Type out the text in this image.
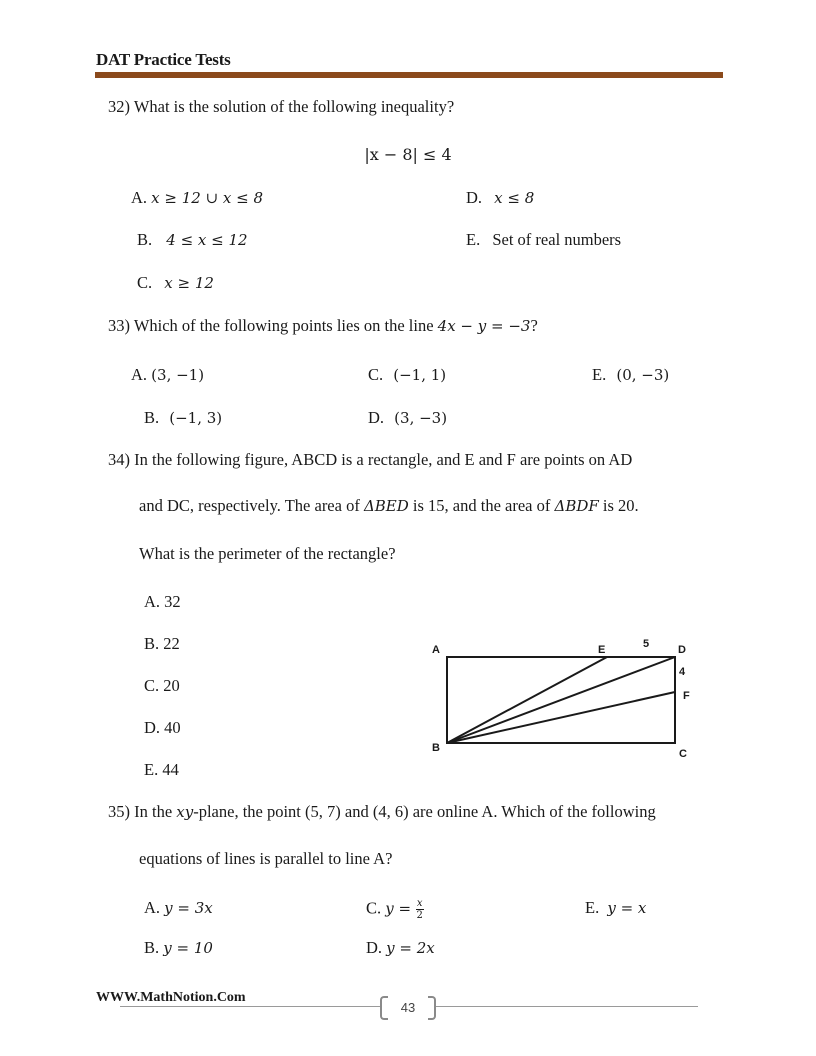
DAT Practice Tests
32) What is the solution of the following inequality?
|x − 8| ≤ 4
A. x ≥ 12 ∪ x ≤ 8
B. 4 ≤ x ≤ 12
C. x ≥ 12
D. x ≤ 8
E. Set of real numbers
33) Which of the following points lies on the line 4x − y = −3?
A. (3, −1)
B. (−1, 3)
C. (−1, 1)
D. (3, −3)
E. (0, −3)
34) In the following figure, ABCD is a rectangle, and E and F are points on AD
and DC, respectively. The area of ΔBED is 15, and the area of ΔBDF is 20.
What is the perimeter of the rectangle?
A. 32
B. 22
C. 20
D. 40
E. 44
A
B	C
D
E
F
5
4
35) In the xy-plane, the point (5, 7) and (4, 6) are online A. Which of the following
equations of lines is parallel to line A?
A. y = 3x
B. y = 10
C. $y = \frac{x}{2}$
D. y = 2x
E. y = x
WWW.MathNotion.Com
43
